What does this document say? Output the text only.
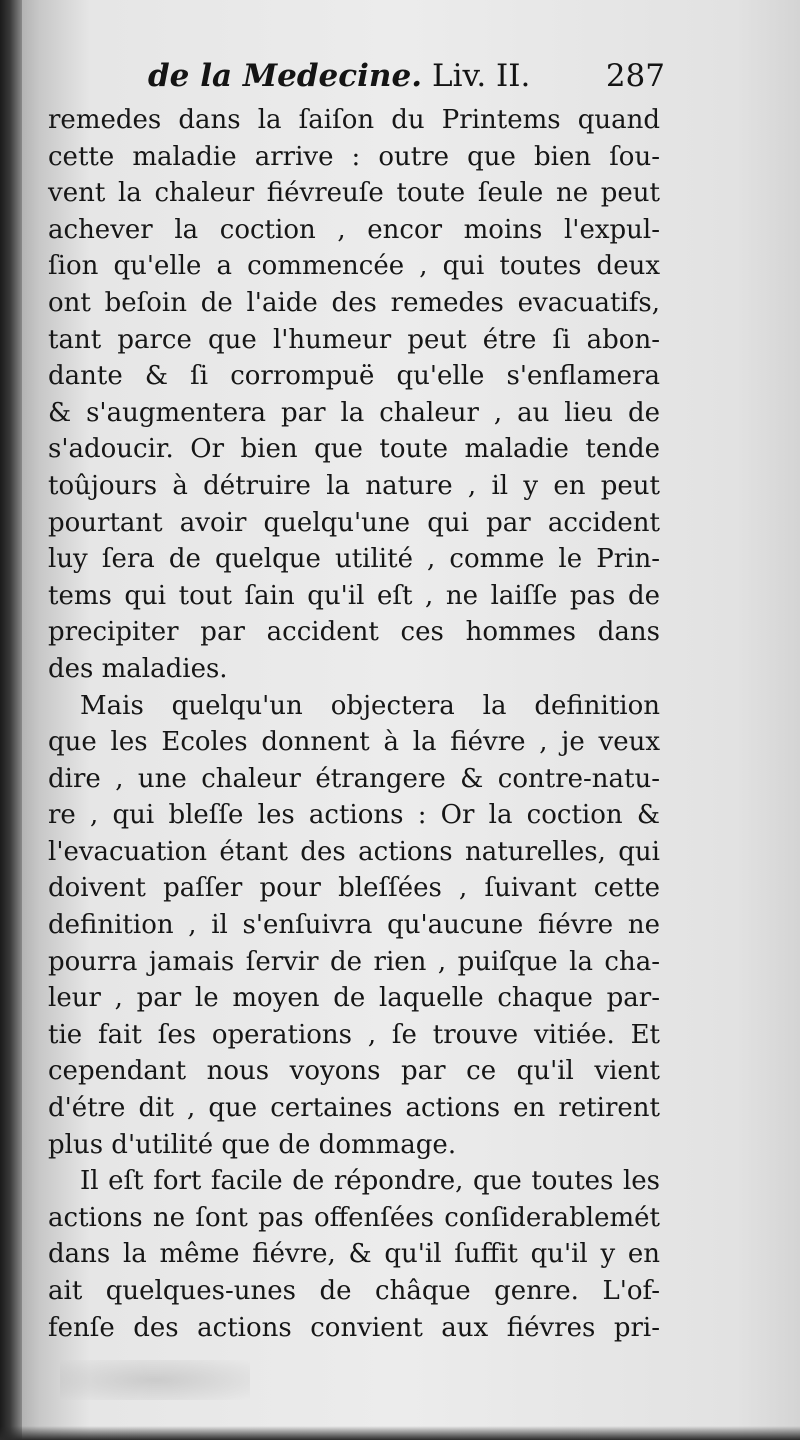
de la Medecine. Liv. II. 287
remedes dans la ſaiſon du Printems quand
cette maladie arrive : outre que bien ſou-
vent la chaleur fiévreuſe toute ſeule ne peut
achever la coction , encor moins l'expul-
ſion qu'elle a commencée , qui toutes deux
ont beſoin de l'aide des remedes evacuatifs,
tant parce que l'humeur peut étre ſi abon-
dante & ſi corrompuë qu'elle s'enflamera
& s'augmentera par la chaleur , au lieu de
s'adoucir. Or bien que toute maladie tende
toûjours à détruire la nature , il y en peut
pourtant avoir quelqu'une qui par accident
luy ſera de quelque utilité , comme le Prin-
tems qui tout ſain qu'il eſt , ne laiſſe pas de
precipiter par accident ces hommes dans
des maladies.
Mais quelqu'un objectera la definition
que les Ecoles donnent à la fiévre , je veux
dire , une chaleur étrangere & contre-natu-
re , qui bleſſe les actions : Or la coction &
l'evacuation étant des actions naturelles, qui
doivent paſſer pour bleſſées , ſuivant cette
definition , il s'enſuivra qu'aucune fiévre ne
pourra jamais ſervir de rien , puiſque la cha-
leur , par le moyen de laquelle chaque par-
tie fait ſes operations , ſe trouve vitiée. Et
cependant nous voyons par ce qu'il vient
d'étre dit , que certaines actions en retirent
plus d'utilité que de dommage.
Il eſt fort facile de répondre, que toutes les
actions ne ſont pas offenſées conſiderablemét
dans la même fiévre, & qu'il ſuffit qu'il y en
ait quelques-unes de châque genre. L'of-
fenſe des actions convient aux fiévres pri-
